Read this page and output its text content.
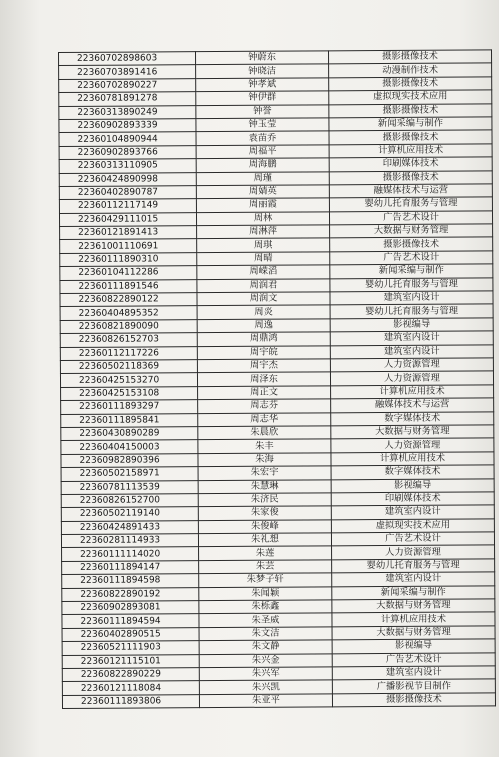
22360702898603	钟蔚东	摄影摄像技术
22360703891416	钟晓洁	动漫制作技术
22360702890227	钟孝斌	摄影摄像技术
22360781891278	钟伊群	虚拟现实技术应用
22360313890249	钟誉	摄影摄像技术
22360902893339	钟玉莹	新闻采编与制作
22360104890944	袁苗乔	摄影摄像技术
22360902893766	周福平	计算机应用技术
22360313110905	周海鹏	印刷媒体技术
22360424890998	周瑾	摄影摄像技术
22360402890787	周婧英	融媒体技术与运营
22360112117149	周丽霞	婴幼儿托育服务与管理
22360429111015	周林	广告艺术设计
22360121891413	周淋萍	大数据与财务管理
22361001110691	周琪	摄影摄像技术
22360111890310	周晴	广告艺术设计
22360104112286	周嵘滔	新闻采编与制作
22360111891546	周润君	婴幼儿托育服务与管理
22360822890122	周润文	建筑室内设计
22360404895352	周炎	婴幼儿托育服务与管理
22360821890090	周逸	影视编导
22360826152703	周鼎鸿	建筑室内设计
22360112117226	周宇皖	建筑室内设计
22360502118369	周宇杰	人力资源管理
22360425153270	周泽东	人力资源管理
22360425153108	周正文	计算机应用技术
22360111893297	周志芬	融媒体技术与运营
22360111895841	周志华	数字媒体技术
22360430890289	朱晨欣	大数据与财务管理
22360404150003	朱丰	人力资源管理
22360982890396	朱海	计算机应用技术
22360502158971	朱宏宇	数字媒体技术
22360781113539	朱慧琳	影视编导
22360826152700	朱济民	印刷媒体技术
22360502119140	朱家俊	建筑室内设计
22360424891433	朱俊峰	虚拟现实技术应用
22360281114933	朱礼想	广告艺术设计
22360111114020	朱莲	人力资源管理
22360111894147	朱芸	婴幼儿托育服务与管理
22360111894598	朱梦子轩	建筑室内设计
22360822890192	朱闻颖	新闻采编与制作
22360902893081	朱栎鑫	大数据与财务管理
22360111894594	朱圣威	计算机应用技术
22360402890515	朱文洁	大数据与财务管理
22360521111903	朱文静	影视编导
22360121115101	朱兴金	广告艺术设计
22360822890229	朱兴军	建筑室内设计
22360121118084	朱兴凯	广播影视节目制作
22360111893806	朱亚平	摄影摄像技术
